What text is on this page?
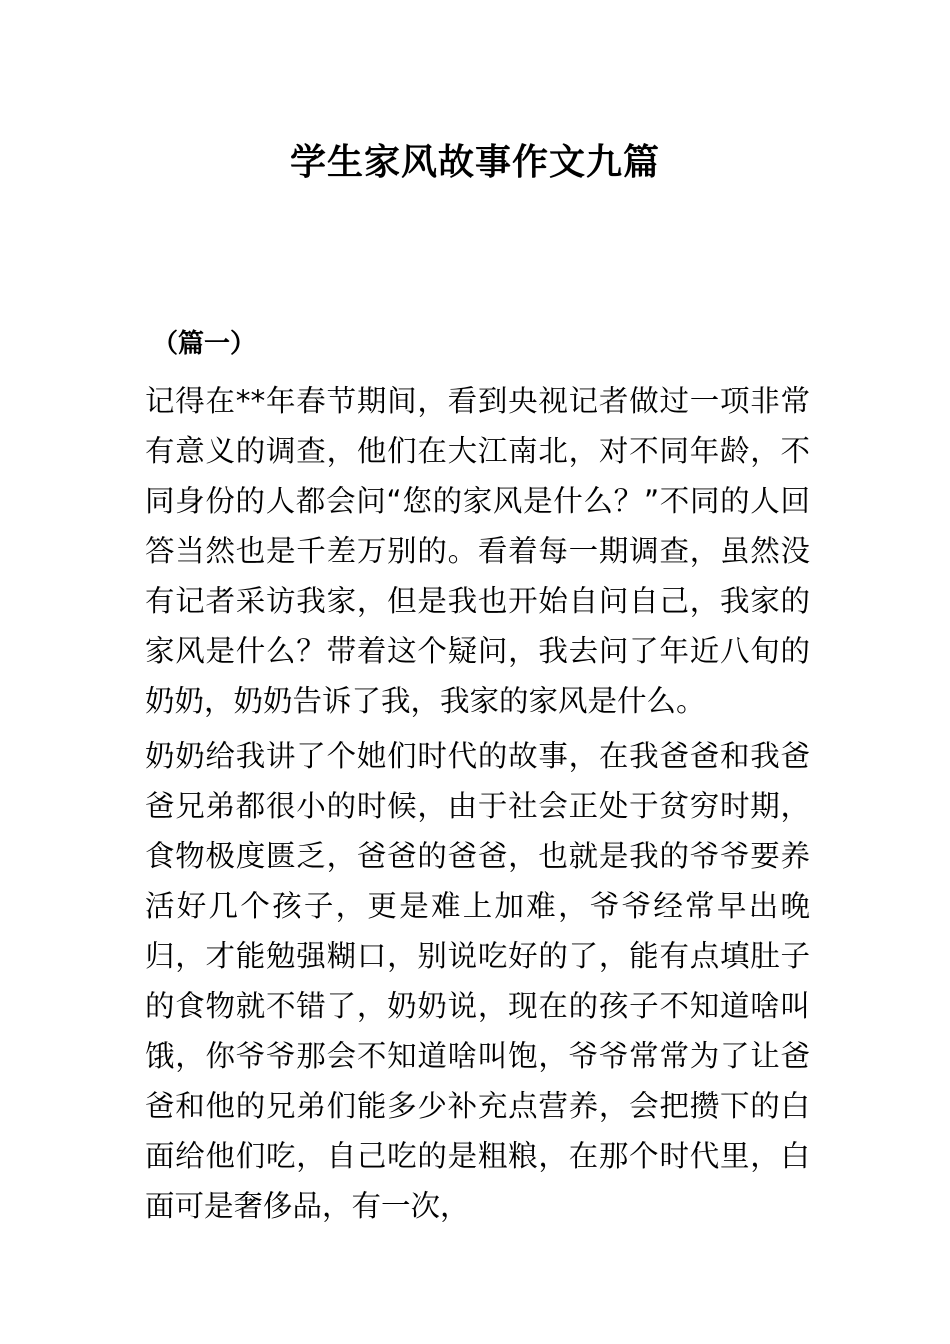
学生家风故事作文九篇
（篇一）

记得在**年春节期间，看到央视记者做过一项非常有意义的调查，他们在大江南北，对不同年龄，不同身份的人都会问“您的家风是什么？”不同的人回答当然也是千差万别的。看着每一期调查，虽然没有记者采访我家，但是我也开始自问自己，我家的家风是什么？带着这个疑问，我去问了年近八旬的奶奶，奶奶告诉了我，我家的家风是什么。

奶奶给我讲了个她们时代的故事，在我爸爸和我爸爸兄弟都很小的时候，由于社会正处于贫穷时期，食物极度匮乏，爸爸的爸爸，也就是我的爷爷要养活好几个孩子，更是难上加难，爷爷经常早出晚归，才能勉强糊口，别说吃好的了，能有点填肚子的食物就不错了，奶奶说，现在的孩子不知道啥叫饿，你爷爷那会不知道啥叫饱，爷爷常常为了让爸爸和他的兄弟们能多少补充点营养，会把攒下的白面给他们吃，自己吃的是粗粮，在那个时代里，白面可是奢侈品，有一次，
